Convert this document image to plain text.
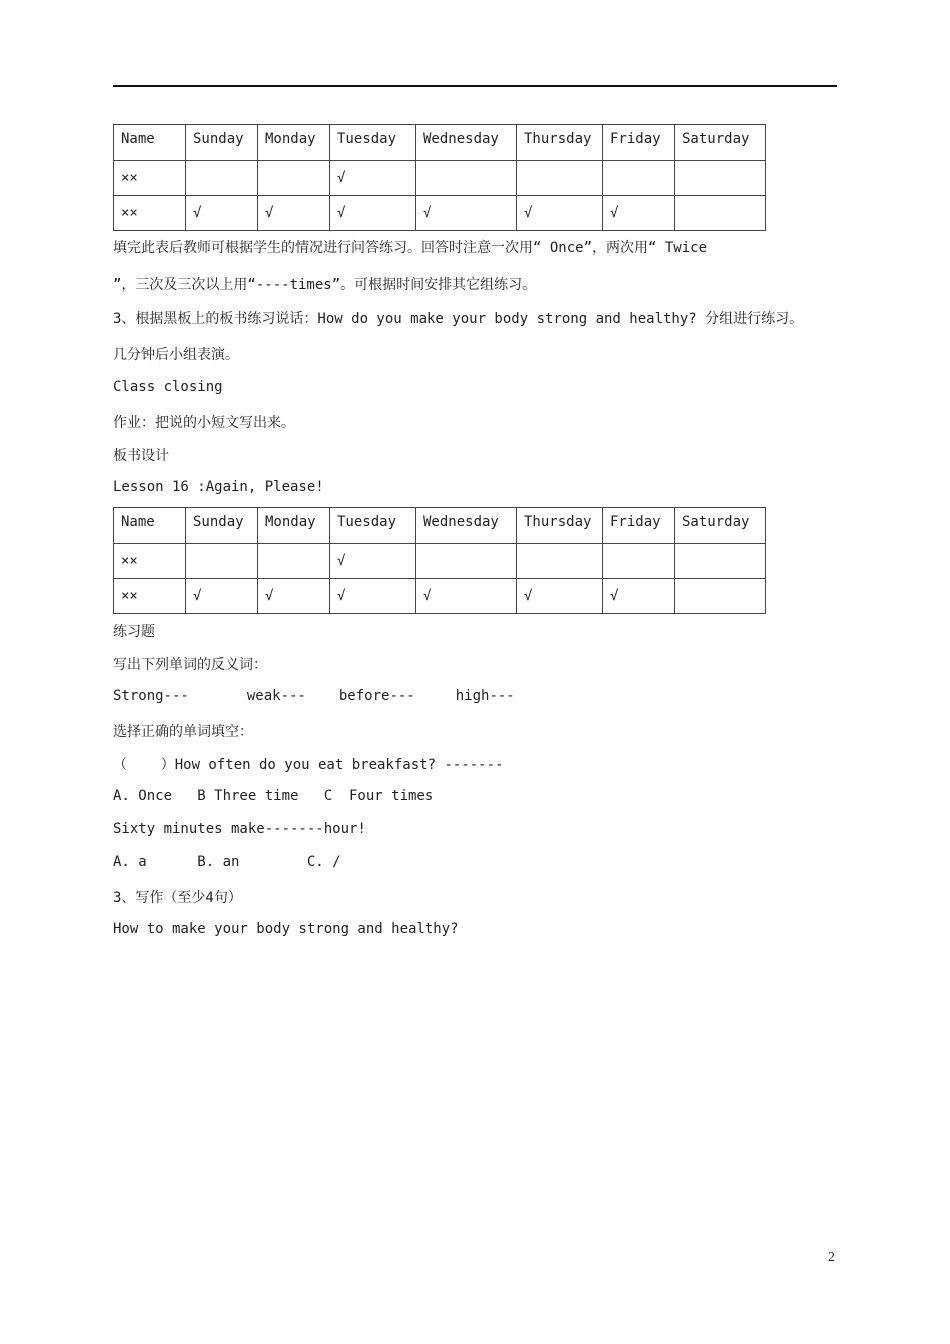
Name	Sunday	Monday	Tuesday	Wednesday	Thursday	Friday	Saturday
××			√				
××	√	√	√	√	√	√	
填完此表后教师可根据学生的情况进行问答练习。回答时注意一次用“ Once”，两次用“ Twice
”，三次及三次以上用“----times”。可根据时间安排其它组练习。
3、根据黑板上的板书练习说话：How do you make your body strong and healthy? 分组进行练习。
几分钟后小组表演。
Class closing
作业：把说的小短文写出来。
板书设计
Lesson 16 :Again, Please!
Name	Sunday	Monday	Tuesday	Wednesday	Thursday	Friday	Saturday
××			√				
××	√	√	√	√	√	√	
练习题
写出下列单词的反义词：
Strong---	weak--- before---	high---
选择正确的单词填空：
（    ）How often do you eat breakfast? -------
A. Once   B Three time   C  Four times
Sixty minutes make-------hour!
A. a      B. an        C. /
3、写作（至少4句）
How to make your body strong and healthy?
2
